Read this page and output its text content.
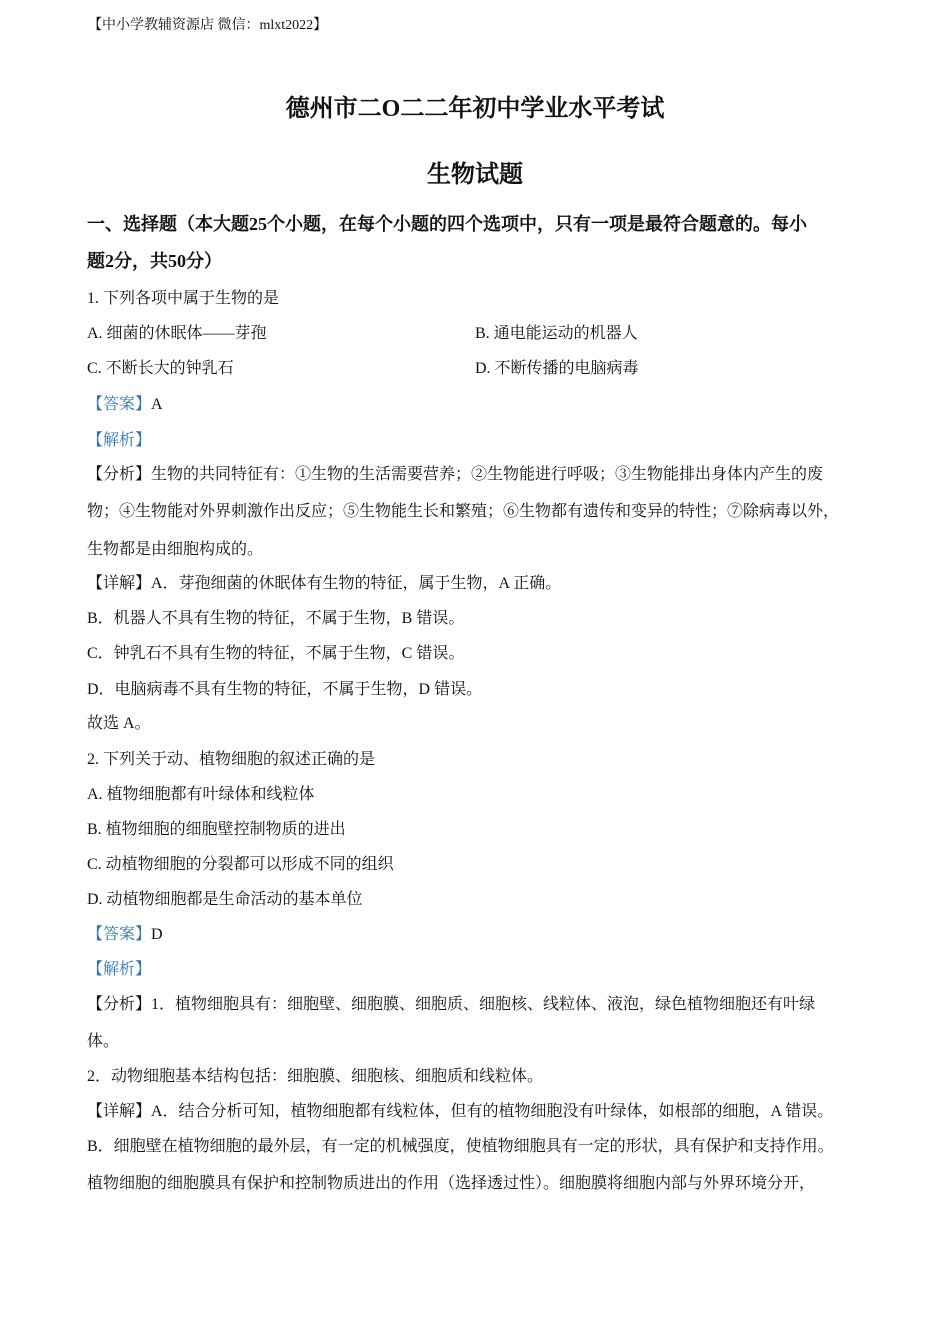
【中小学教辅资源店 微信：mlxt2022】
德州市二O二二年初中学业水平考试
生物试题
一、选择题（本大题25个小题，在每个小题的四个选项中，只有一项是最符合题意的。每小
题2分，共50分）
1. 下列各项中属于生物的是
A. 细菌的休眠体——芽孢	B. 通电能运动的机器人
C. 不断长大的钟乳石	D. 不断传播的电脑病毒
【答案】A
【解析】
【分析】生物的共同特征有：①生物的生活需要营养；②生物能进行呼吸；③生物能排出身体内产生的废
物；④生物能对外界刺激作出反应；⑤生物能生长和繁殖；⑥生物都有遗传和变异的特性；⑦除病毒以外，
生物都是由细胞构成的。
【详解】A．芽孢细菌的休眠体有生物的特征，属于生物，A 正确。
B．机器人不具有生物的特征，不属于生物，B 错误。
C．钟乳石不具有生物的特征，不属于生物，C 错误。
D．电脑病毒不具有生物的特征，不属于生物，D 错误。
故选 A。
2. 下列关于动、植物细胞的叙述正确的是
A. 植物细胞都有叶绿体和线粒体
B. 植物细胞的细胞壁控制物质的进出
C. 动植物细胞的分裂都可以形成不同的组织
D. 动植物细胞都是生命活动的基本单位
【答案】D
【解析】
【分析】1．植物细胞具有：细胞壁、细胞膜、细胞质、细胞核、线粒体、液泡，绿色植物细胞还有叶绿
体。
2．动物细胞基本结构包括：细胞膜、细胞核、细胞质和线粒体。
【详解】A．结合分析可知，植物细胞都有线粒体，但有的植物细胞没有叶绿体，如根部的细胞，A 错误。
B．细胞壁在植物细胞的最外层，有一定的机械强度，使植物细胞具有一定的形状，具有保护和支持作用。
植物细胞的细胞膜具有保护和控制物质进出的作用（选择透过性）。细胞膜将细胞内部与外界环境分开，
